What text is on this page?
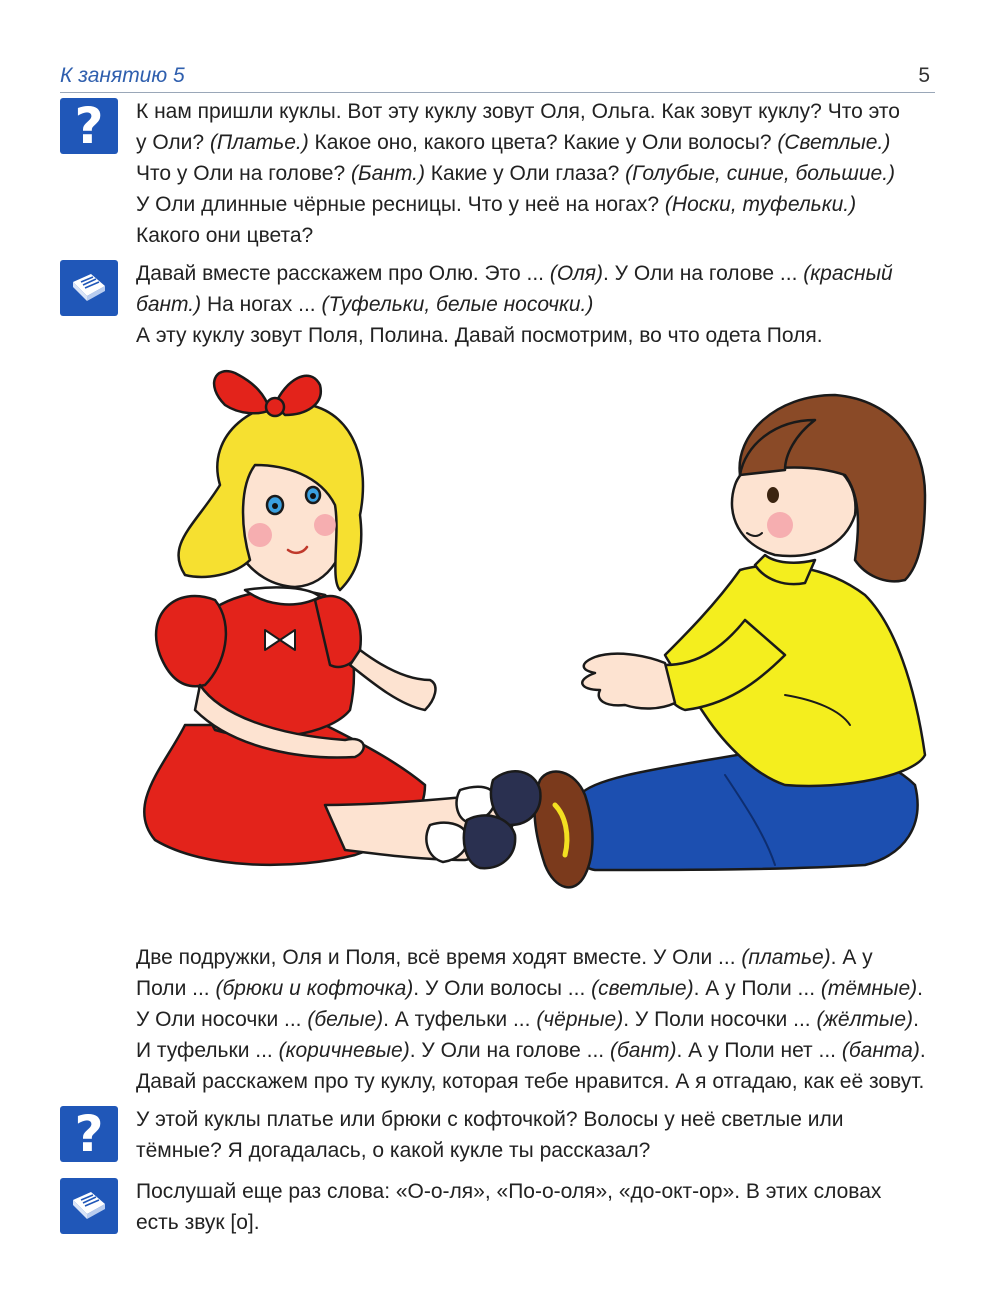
К занятию 5	5
?	К нам пришли куклы. Вот эту куклу зовут Оля, Ольга. Как зовут куклу? Что это
у Оли? (Платье.) Какое оно, какого цвета? Какие у Оли волосы? (Светлые.)
Что у Оли на голове? (Бант.) Какие у Оли глаза? (Голубые, синие, большие.)
У Оли длинные чёрные ресницы. Что у неё на ногах? (Носки, туфельки.)
Какого они цвета?
Давай вместе расскажем про Олю. Это ... (Оля). У Оли на голове ... (красный
бант.) На ногах ... (Туфельки, белые носочки.)
А эту куклу зовут Поля, Полина. Давай посмотрим, во что одета Поля.
Две подружки, Оля и Поля, всё время ходят вместе. У Оли ... (платье). А у
Поли ... (брюки и кофточка). У Оли волосы ... (светлые). А у Поли ... (тёмные).
У Оли носочки ... (белые). А туфельки ... (чёрные). У Поли носочки ... (жёлтые).
И туфельки ... (коричневые). У Оли на голове ... (бант). А у Поли нет ... (банта).
Давай расскажем про ту куклу, которая тебе нравится. А я отгадаю, как её зовут.
?	У этой куклы платье или брюки с кофточкой? Волосы у неё светлые или
тёмные? Я догадалась, о какой кукле ты рассказал?
Послушай еще раз слова: «О-о-ля», «По-о-оля», «до-окт-ор». В этих словах
есть звук [о].
